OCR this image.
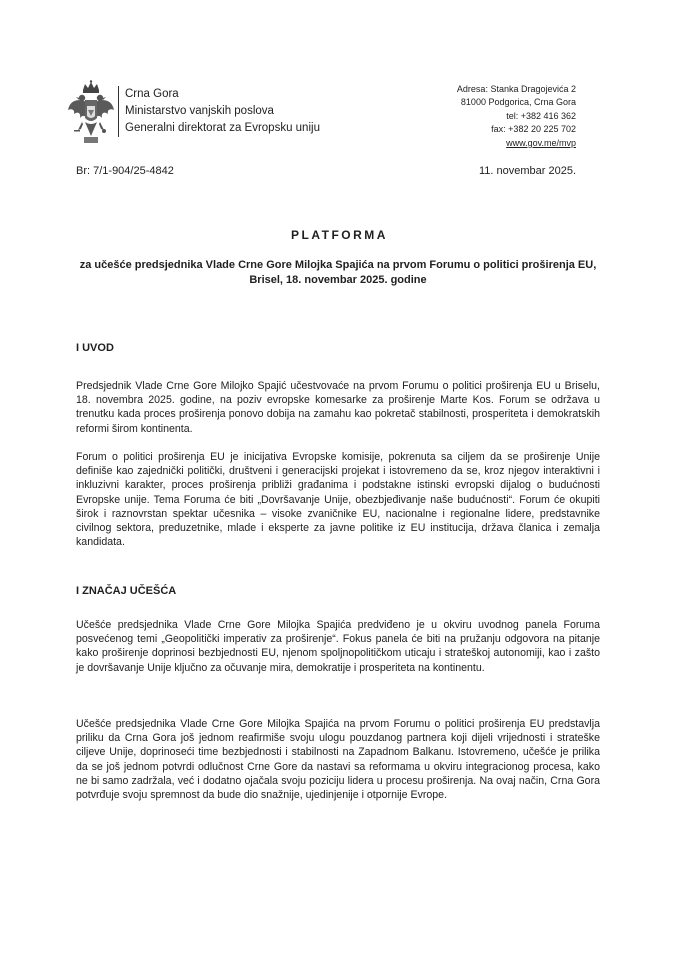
Crna Gora
Ministarstvo vanjskih poslova
Generalni direktorat za Evropsku uniju
Adresa: Stanka Dragojevića 2
81000 Podgorica, Crna Gora
tel: +382 416 362
fax: +382 20 225 702
www.gov.me/mvp
Br: 7/1-904/25-4842	11. novembar 2025.
PLATFORMA
za učešće predsjednika Vlade Crne Gore Milojka Spajića na prvom Forumu o politici proširenja EU, Brisel, 18. novembar 2025. godine
I UVOD

Predsjednik Vlade Crne Gore Milojko Spajić učestvovaće na prvom Forumu o politici proširenja EU u Briselu, 18. novembra 2025. godine, na poziv evropske komesarke za proširenje Marte Kos. Forum se održava u trenutku kada proces proširenja ponovo dobija na zamahu kao pokretač stabilnosti, prosperiteta i demokratskih reformi širom kontinenta.

Forum o politici proširenja EU je inicijativa Evropske komisije, pokrenuta sa ciljem da se proširenje Unije definiše kao zajednički politički, društveni i generacijski projekat i istovremeno da se, kroz njegov interaktivni i inkluzivni karakter, proces proširenja približi građanima i podstakne istinski evropski dijalog o budućnosti Evropske unije. Tema Foruma će biti „Dovršavanje Unije, obezbjeđivanje naše budućnosti“. Forum će okupiti širok i raznovrstan spektar učesnika – visoke zvaničnike EU, nacionalne i regionalne lidere, predstavnike civilnog sektora, preduzetnike, mlade i eksperte za javne politike iz EU institucija, država članica i zemalja kandidata.

I ZNAČAJ UČEŠĆA

Učešće predsjednika Vlade Crne Gore Milojka Spajića predviđeno je u okviru uvodnog panela Foruma posvećenog temi „Geopolitički imperativ za proširenje“. Fokus panela će biti na pružanju odgovora na pitanje kako proširenje doprinosi bezbjednosti EU, njenom spoljnopolitičkom uticaju i strateškoj autonomiji, kao i zašto je dovršavanje Unije ključno za očuvanje mira, demokratije i prosperiteta na kontinentu.

Učešće predsjednika Vlade Crne Gore Milojka Spajića na prvom Forumu o politici proširenja EU predstavlja priliku da Crna Gora još jednom reafirmiše svoju ulogu pouzdanog partnera koji dijeli vrijednosti i strateške ciljeve Unije, doprinoseći time bezbjednosti i stabilnosti na Zapadnom Balkanu. Istovremeno, učešće je prilika da se još jednom potvrdi odlučnost Crne Gore da nastavi sa reformama u okviru integracionog procesa, kako ne bi samo zadržala, već i dodatno ojačala svoju poziciju lidera u procesu proširenja. Na ovaj način, Crna Gora potvrđuje svoju spremnost da bude dio snažnije, ujedinjenije i otpornije Evrope.
